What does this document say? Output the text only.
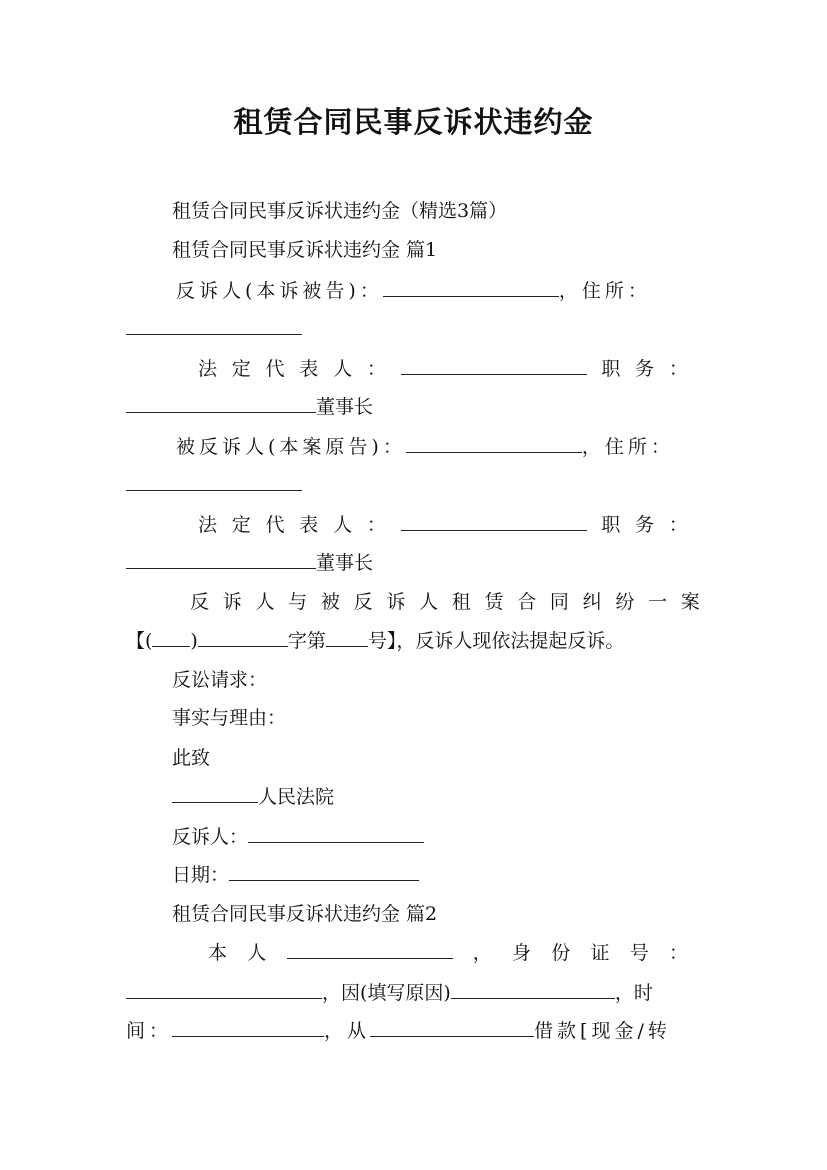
租赁合同民事反诉状违约金
租赁合同民事反诉状违约金（精选3篇）
租赁合同民事反诉状违约金 篇1
反诉人(本诉被告)：	，住所：
法 定 代 表 人 ：	职 务 ：
董事长
被反诉人(本案原告)：	，住所：
法 定 代 表 人 ：	职 务 ：
董事长
反 诉 人 与 被 反 诉 人 租 赁 合 同 纠 纷 一 案
【( )	字第 号】，反诉人现依法提起反诉。
反讼请求：
事实与理由：
此致
人民法院
反诉人：
日期：
租赁合同民事反诉状违约金 篇2
本 人	， 身 份 证 号 ：
，因(填写原因)	，时
间：	，从	借款[现金/转
